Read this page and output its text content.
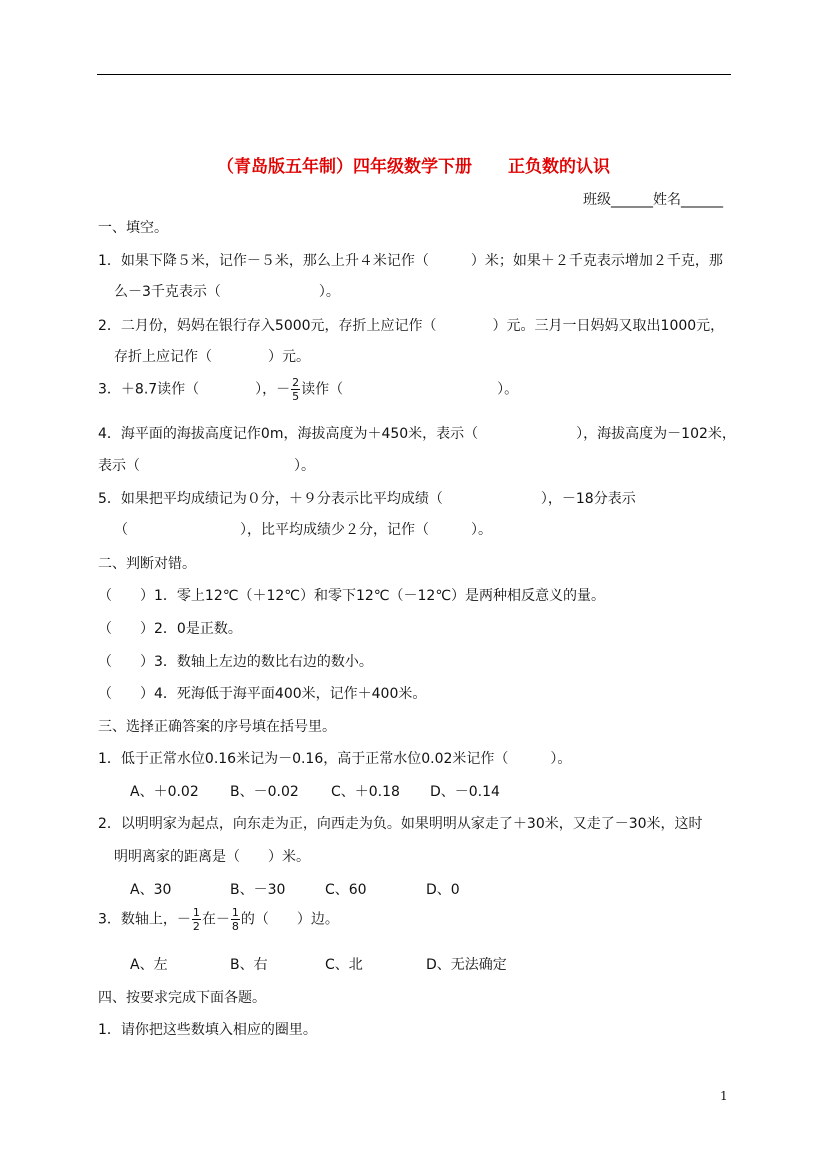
（青岛版五年制）四年级数学下册 正负数的认识
班级______姓名______
一、填空。
1．如果下降５米，记作－５米，那么上升４米记作（　　　）米；如果＋２千克表示增加２千克，那
么－3千克表示（　　　　　　　）。
2．二月份，妈妈在银行存入5000元，存折上应记作（　　　　）元。三月一日妈妈又取出1000元，
存折上应记作（　　　　）元。
3．＋8.7读作（　　　　），－ $\frac{2}{5}$ 读作（　　　　　　　　　　　）。
4．海平面的海拔高度记作0m，海拔高度为＋450米，表示（　　　　　　　），海拔高度为－102米，
表示（　　　　　　　　　　　）。
5．如果把平均成绩记为０分，＋９分表示比平均成绩（　　　　　　　），－18分表示
（　　　　　　　　），比平均成绩少２分，记作（　　　）。
二、判断对错。
（　　）1．零上12℃（＋12℃）和零下12℃（－12℃）是两种相反意义的量。
（　　）2．0是正数。
（　　）3．数轴上左边的数比右边的数小。
（　　）4．死海低于海平面400米，记作＋400米。
三、选择正确答案的序号填在括号里。
1．低于正常水位0.16米记为－0.16，高于正常水位0.02米记作（　　　）。
A、＋0.02 B、－0.02 C、＋0.18 D、－0.14
2．以明明家为起点，向东走为正，向西走为负。如果明明从家走了＋30米，又走了－30米，这时
明明离家的距离是（　　）米。
A、30	B、－30	C、60	D、0
3．数轴上，－ $\frac{1}{2}$ 在－ $\frac{1}{8}$ 的（　　）边。
A、左	B、右	C、北	D、无法确定
四、按要求完成下面各题。
1．请你把这些数填入相应的圈里。
1
